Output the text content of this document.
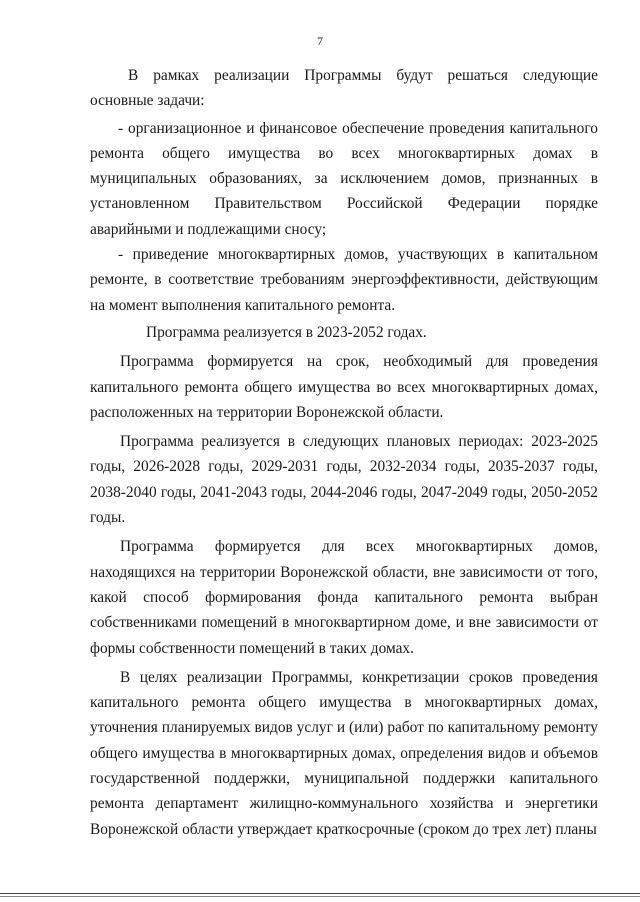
7

В рамках реализации Программы будут решаться следующие основные задачи:

- организационное и финансовое обеспечение проведения капитального ремонта общего имущества во всех многоквартирных домах в муниципальных образованиях, за исключением домов, признанных в установленном Правительством Российской Федерации порядке аварийными и подлежащими сносу;

- приведение многоквартирных домов, участвующих в капитальном ремонте, в соответствие требованиям энергоэффективности, действующим на момент выполнения капитального ремонта.

Программа реализуется в 2023-2052 годах.

Программа формируется на срок, необходимый для проведения капитального ремонта общего имущества во всех многоквартирных домах, расположенных на территории Воронежской области.

Программа реализуется в следующих плановых периодах: 2023-2025 годы, 2026-2028 годы, 2029-2031 годы, 2032-2034 годы, 2035-2037 годы, 2038-2040 годы, 2041-2043 годы, 2044-2046 годы, 2047-2049 годы, 2050-2052 годы.

Программа формируется для всех многоквартирных домов, находящихся на территории Воронежской области, вне зависимости от того, какой способ формирования фонда капитального ремонта выбран собственниками помещений в многоквартирном доме, и вне зависимости от формы собственности помещений в таких домах.

В целях реализации Программы, конкретизации сроков проведения капитального ремонта общего имущества в многоквартирных домах, уточнения планируемых видов услуг и (или) работ по капитальному ремонту общего имущества в многоквартирных домах, определения видов и объемов государственной поддержки, муниципальной поддержки капитального ремонта департамент жилищно-коммунального хозяйства и энергетики Воронежской области утверждает краткосрочные (сроком до трех лет) планы
